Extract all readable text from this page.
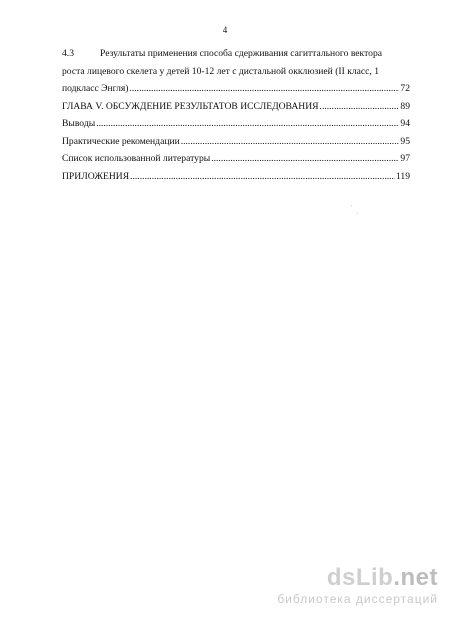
4
4.3	Результаты применения способа сдерживания сагиттального вектора
роста лицевого скелета у детей 10-12 лет с дистальной окклюзией (II класс, 1
подкласс Энгля) .....	72
ГЛАВА V. ОБСУЖДЕНИЕ РЕЗУЛЬТАТОВ ИССЛЕДОВАНИЯ .....	89
Выводы .....	94
Практические рекомендации .....	95
Список использованной литературы .....	97
ПРИЛОЖЕНИЯ .....	119
dsLib.net
библиотека диссертаций
